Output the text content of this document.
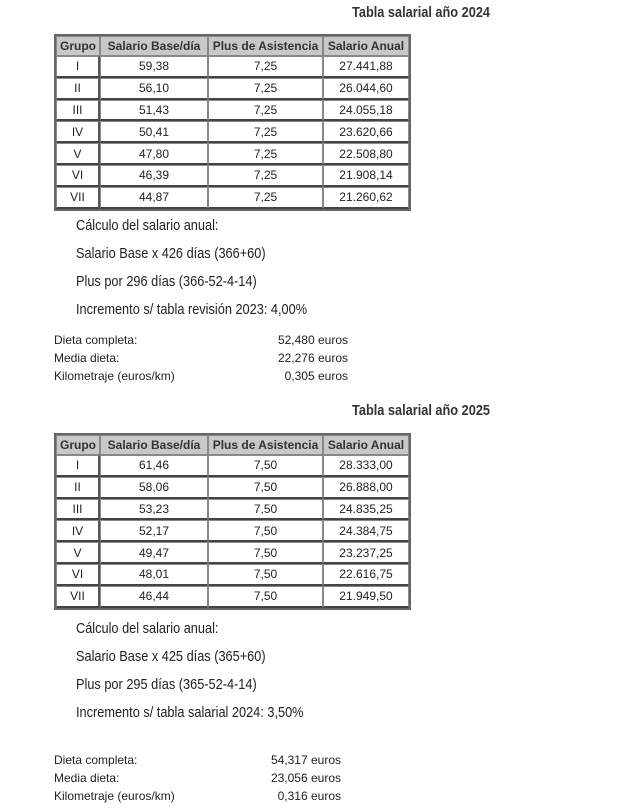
Tabla salarial año 2024
Grupo	Salario Base/día	Plus de Asistencia	Salario Anual
I	59,38	7,25	27.441,88
II	56,10	7,25	26.044,60
III	51,43	7,25	24.055,18
IV	50,41	7,25	23.620,66
V	47,80	7,25	22.508,80
VI	46,39	7,25	21.908,14
VII	44,87	7,25	21.260,62
Cálculo del salario anual:
Salario Base x 426 días (366+60)
Plus por 296 días (366-52-4-14)
Incremento s/ tabla revisión 2023: 4,00%
Dieta completa:	52,480 euros
Media dieta:	22,276 euros
Kilometraje (euros/km)	0,305 euros
Tabla salarial año 2025
Grupo	Salario Base/día	Plus de Asistencia	Salario Anual
I	61,46	7,50	28.333,00
II	58,06	7,50	26.888,00
III	53,23	7,50	24.835,25
IV	52,17	7,50	24.384,75
V	49,47	7,50	23.237,25
VI	48,01	7,50	22.616,75
VII	46,44	7,50	21.949,50
Cálculo del salario anual:
Salario Base x 425 días (365+60)
Plus por 295 días (365-52-4-14)
Incremento s/ tabla salarial 2024: 3,50%
Dieta completa:	54,317 euros
Media dieta:	23,056 euros
Kilometraje (euros/km)	0,316 euros
